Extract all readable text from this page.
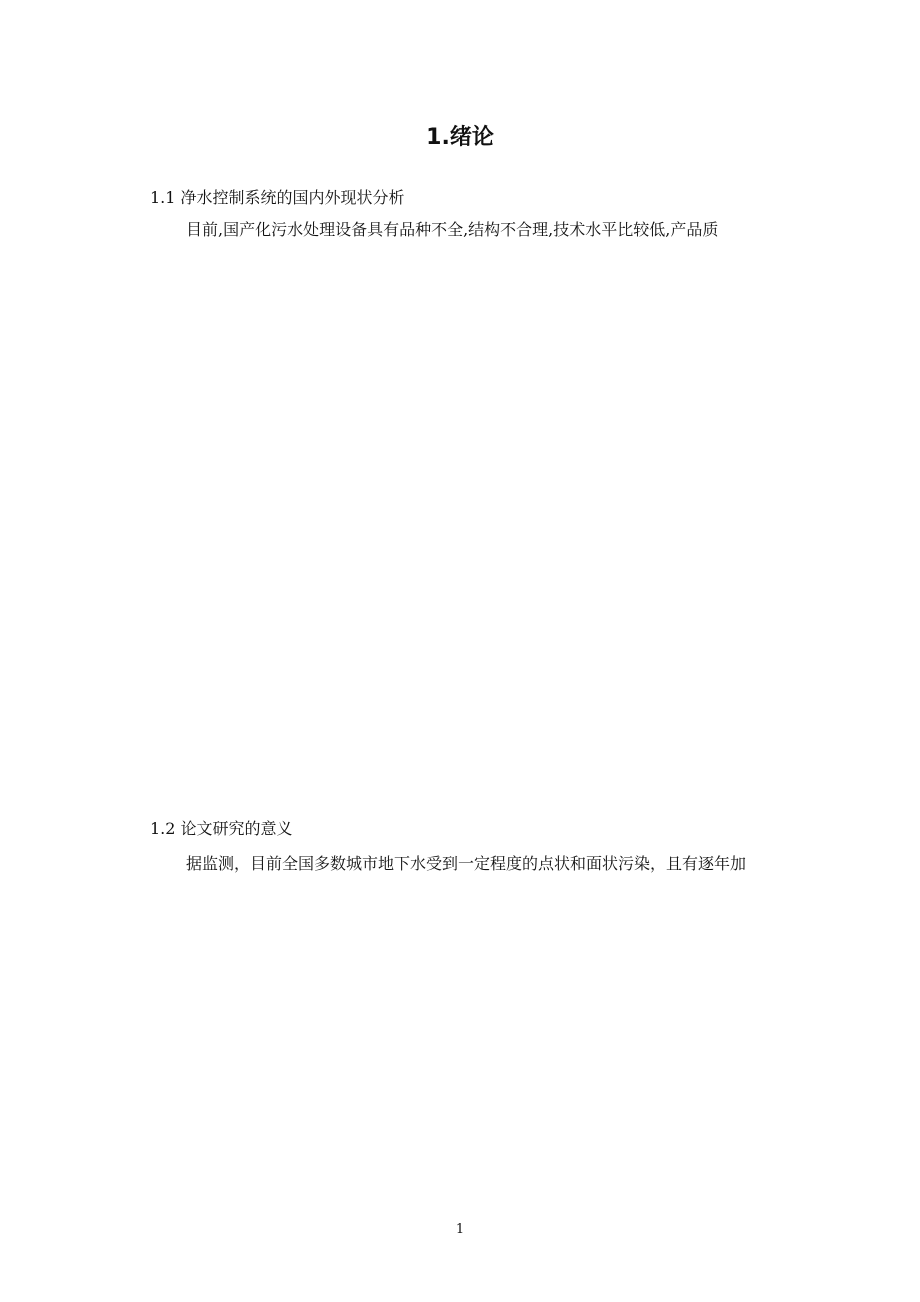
1.绪论
1.1 净水控制系统的国内外现状分析
目前,国产化污水处理设备具有品种不全,结构不合理,技术水平比较低,产品质
1.2 论文研究的意义
据监测，目前全国多数城市地下水受到一定程度的点状和面状污染，且有逐年加
1
